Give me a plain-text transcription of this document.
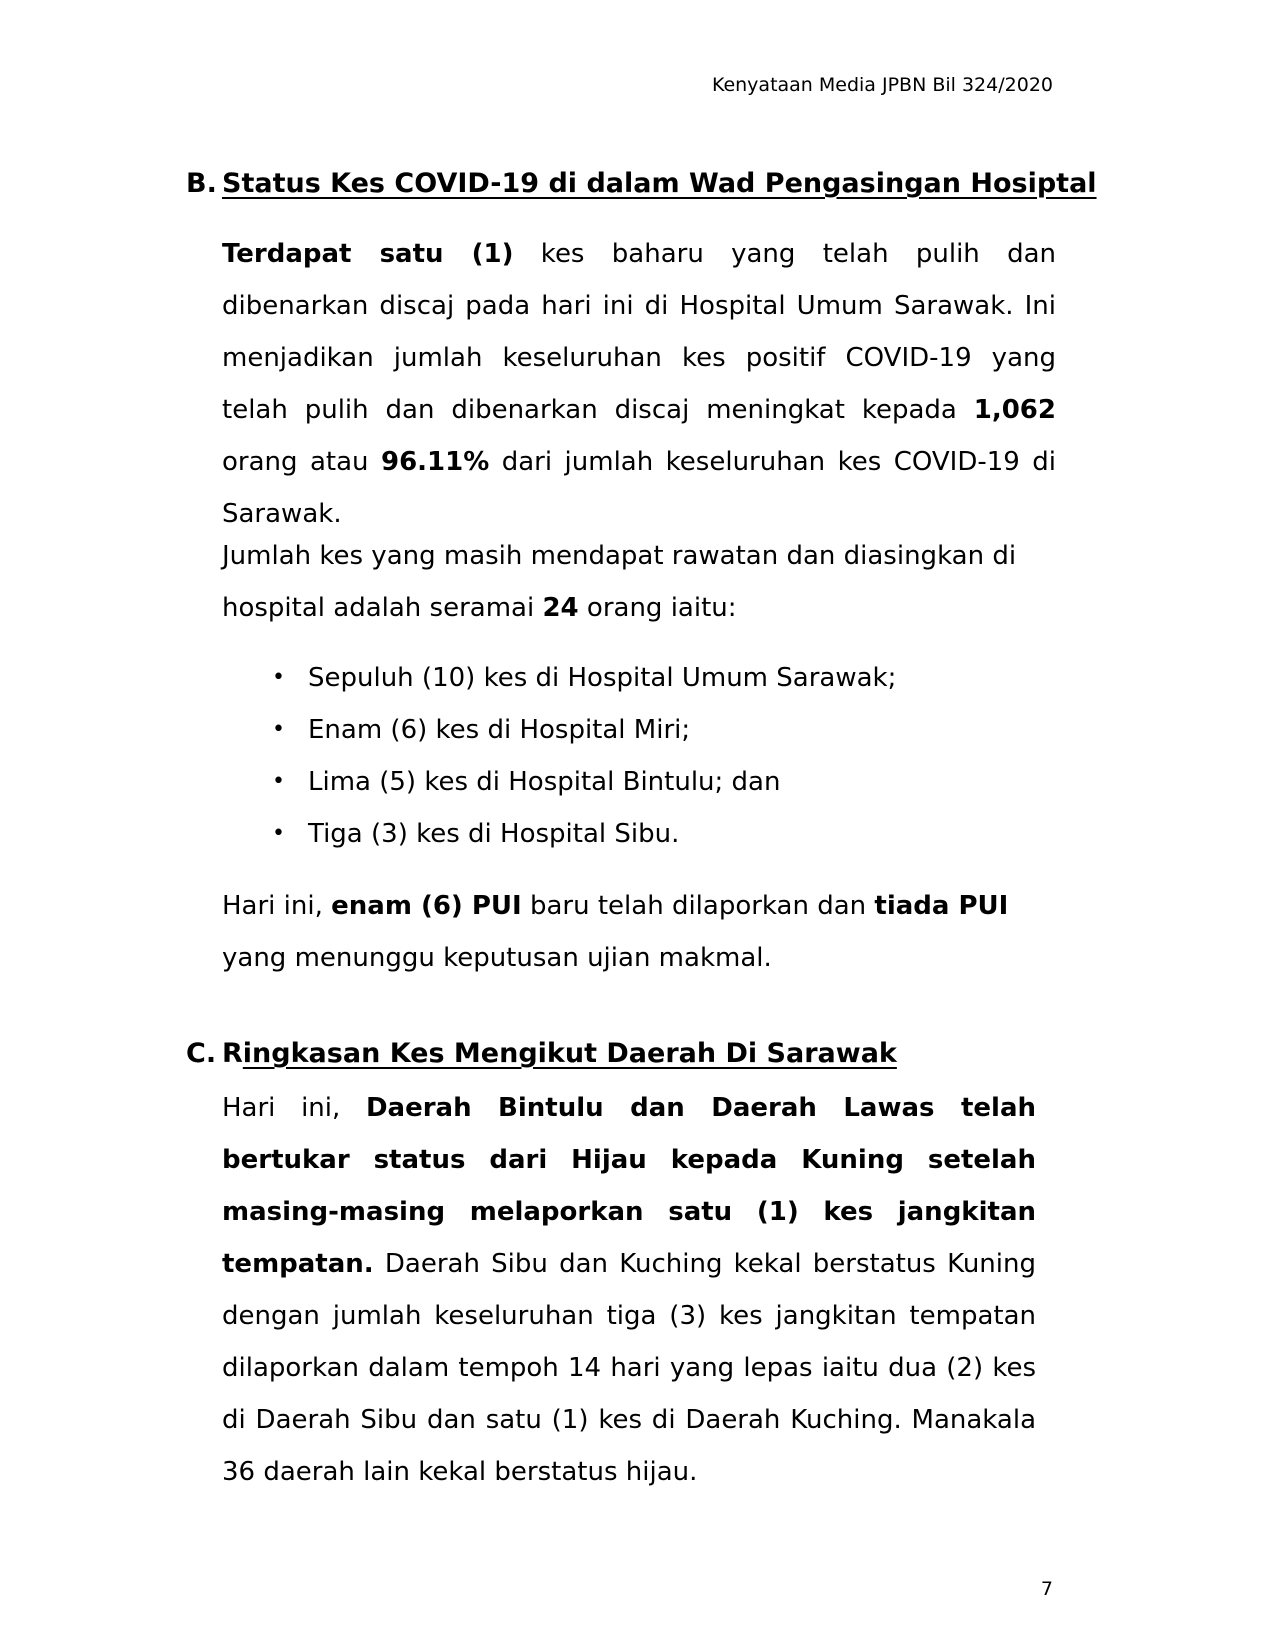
Kenyataan Media JPBN Bil 324/2020
B. Status Kes COVID-19 di dalam Wad Pengasingan Hosiptal

Terdapat satu (1) kes baharu yang telah pulih dan dibenarkan discaj pada hari ini di Hospital Umum Sarawak. Ini menjadikan jumlah keseluruhan kes positif COVID-19 yang telah pulih dan dibenarkan discaj meningkat kepada 1,062 orang atau 96.11% dari jumlah keseluruhan kes COVID-19 di Sarawak.

Jumlah kes yang masih mendapat rawatan dan diasingkan di hospital adalah seramai 24 orang iaitu:

• Sepuluh (10) kes di Hospital Umum Sarawak;
• Enam (6) kes di Hospital Miri;
• Lima (5) kes di Hospital Bintulu; dan
• Tiga (3) kes di Hospital Sibu.

Hari ini, enam (6) PUI baru telah dilaporkan dan tiada PUI yang menunggu keputusan ujian makmal.

C. Ringkasan Kes Mengikut Daerah Di Sarawak

Hari ini, Daerah Bintulu dan Daerah Lawas telah bertukar status dari Hijau kepada Kuning setelah masing-masing melaporkan satu (1) kes jangkitan tempatan. Daerah Sibu dan Kuching kekal berstatus Kuning dengan jumlah keseluruhan tiga (3) kes jangkitan tempatan dilaporkan dalam tempoh 14 hari yang lepas iaitu dua (2) kes di Daerah Sibu dan satu (1) kes di Daerah Kuching. Manakala 36 daerah lain kekal berstatus hijau.

7
